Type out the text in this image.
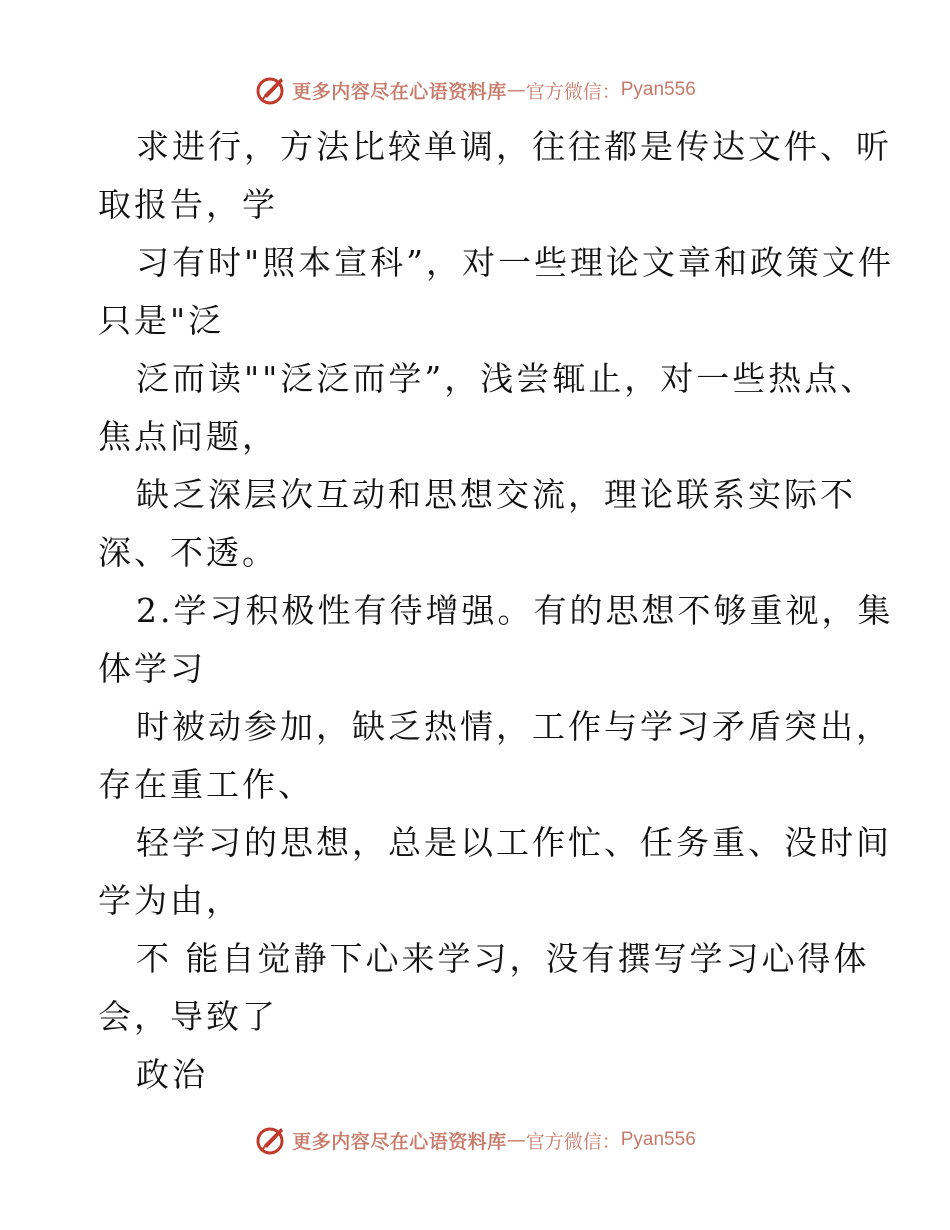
更多内容尽在心语资料库 — 官方微信： Pyan556
求进行，方法比较单调，往往都是传达文件、听
取报告，学
习有时"照本宣科”，对一些理论文章和政策文件
只是"泛
泛而读""泛泛而学”，浅尝辄止，对一些热点、
焦点问题，
缺乏深层次互动和思想交流，理论联系实际不
深、不透。
2.学习积极性有待增强。有的思想不够重视，集
体学习
时被动参加，缺乏热情，工作与学习矛盾突出，
存在重工作、
轻学习的思想，总是以工作忙、任务重、没时间
学为由，
不 能自觉静下心来学习，没有撰写学习心得体
会，导致了
政治
更多内容尽在心语资料库 — 官方微信： Pyan556
